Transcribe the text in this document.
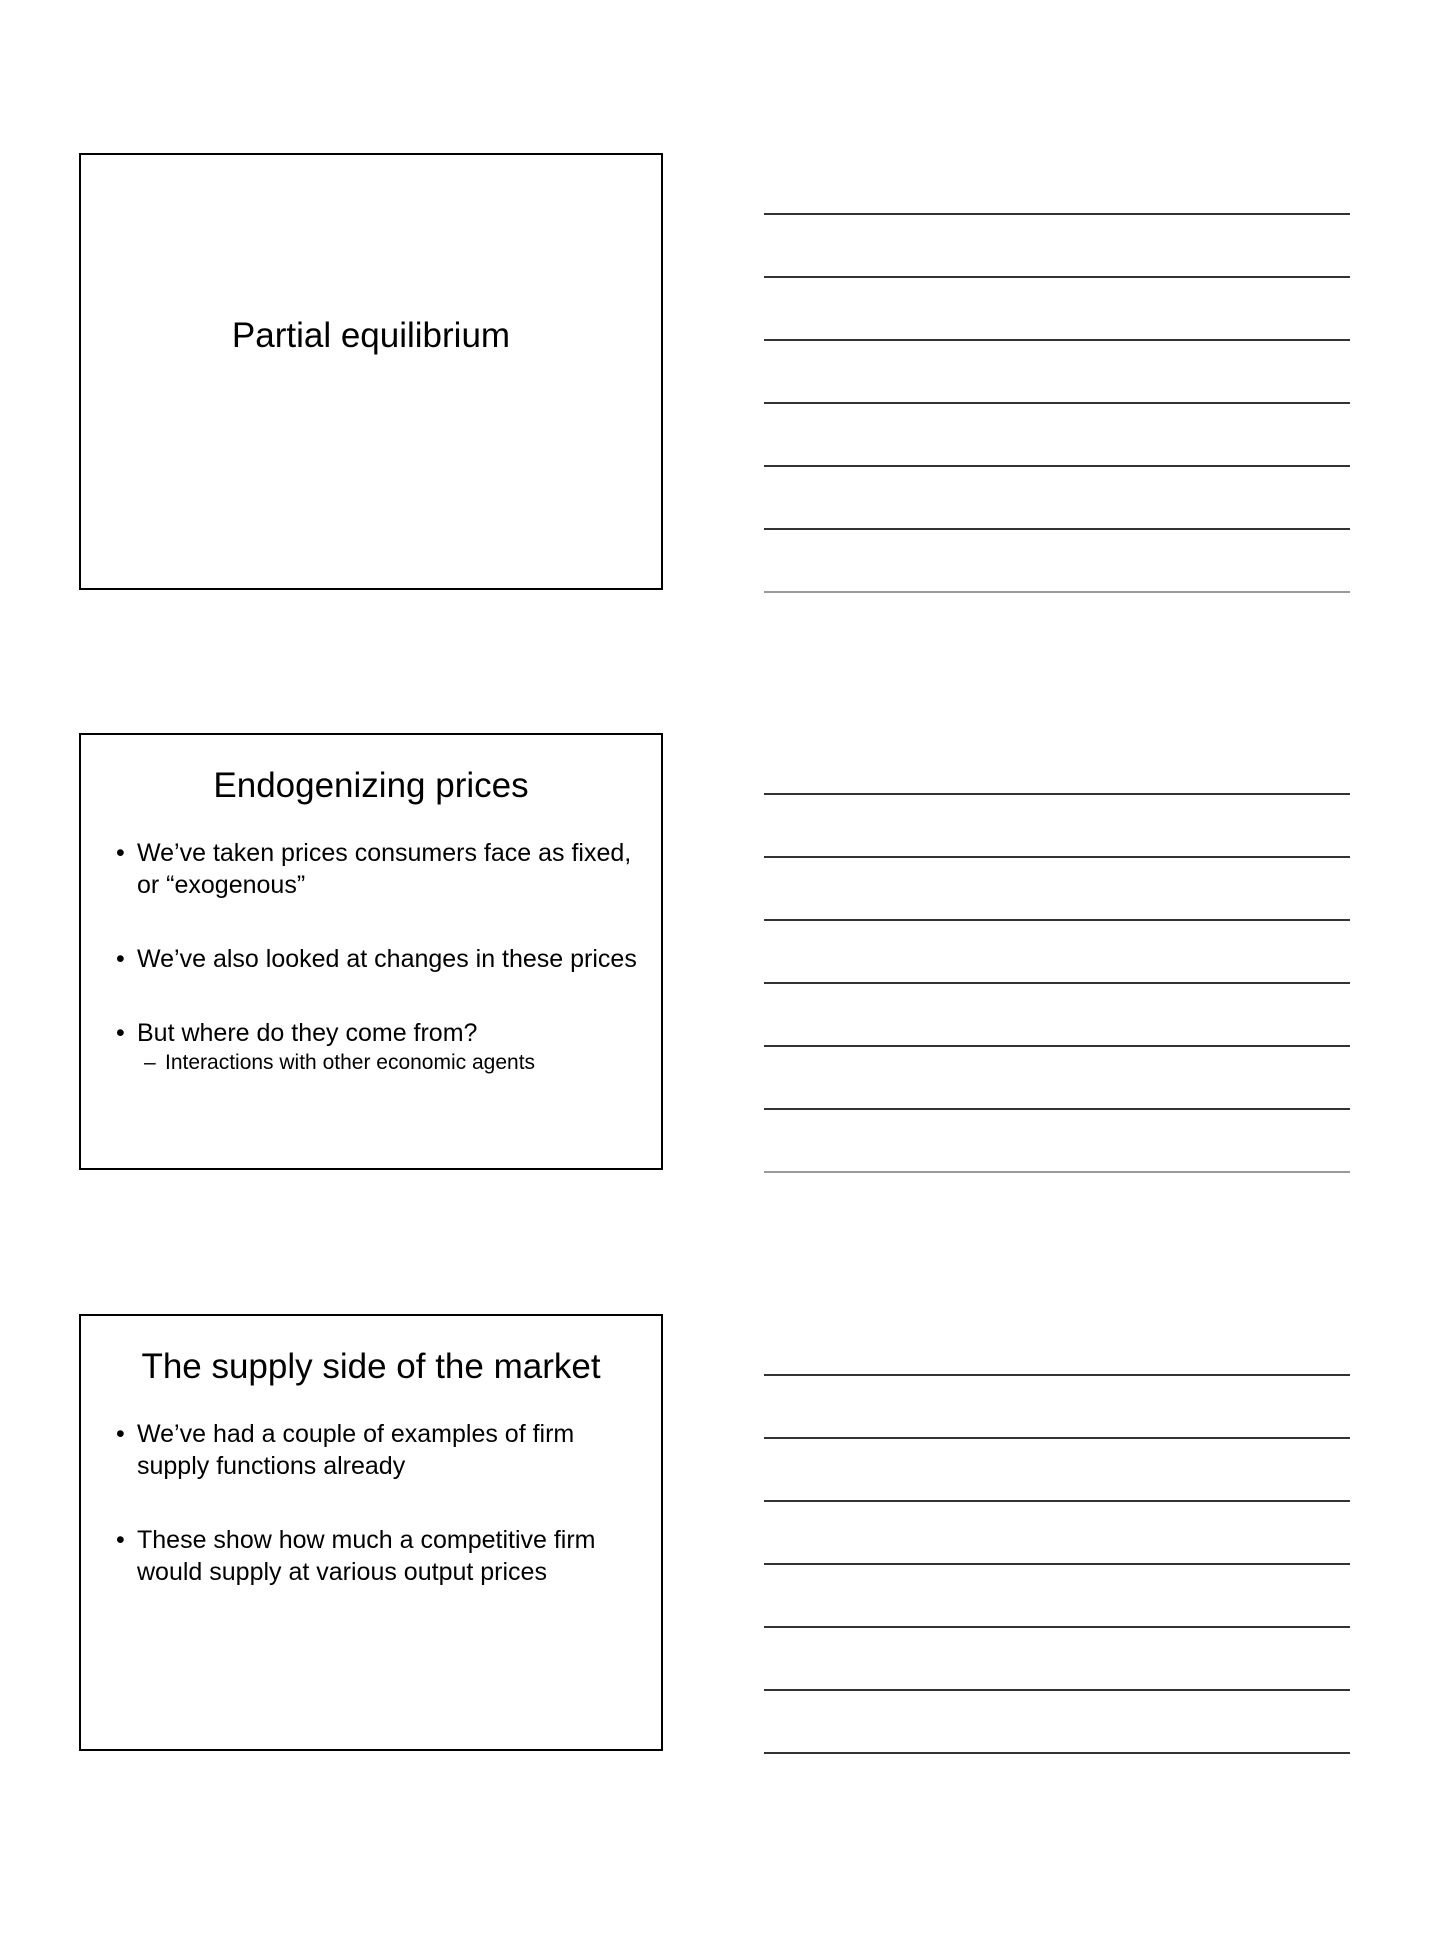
Partial equilibrium
Endogenizing prices
• We’ve taken prices consumers face as fixed, or “exogenous”
• We’ve also looked at changes in these prices
• But where do they come from?
– Interactions with other economic agents
The supply side of the market
• We’ve had a couple of examples of firm supply functions already
• These show how much a competitive firm would supply at various output prices
